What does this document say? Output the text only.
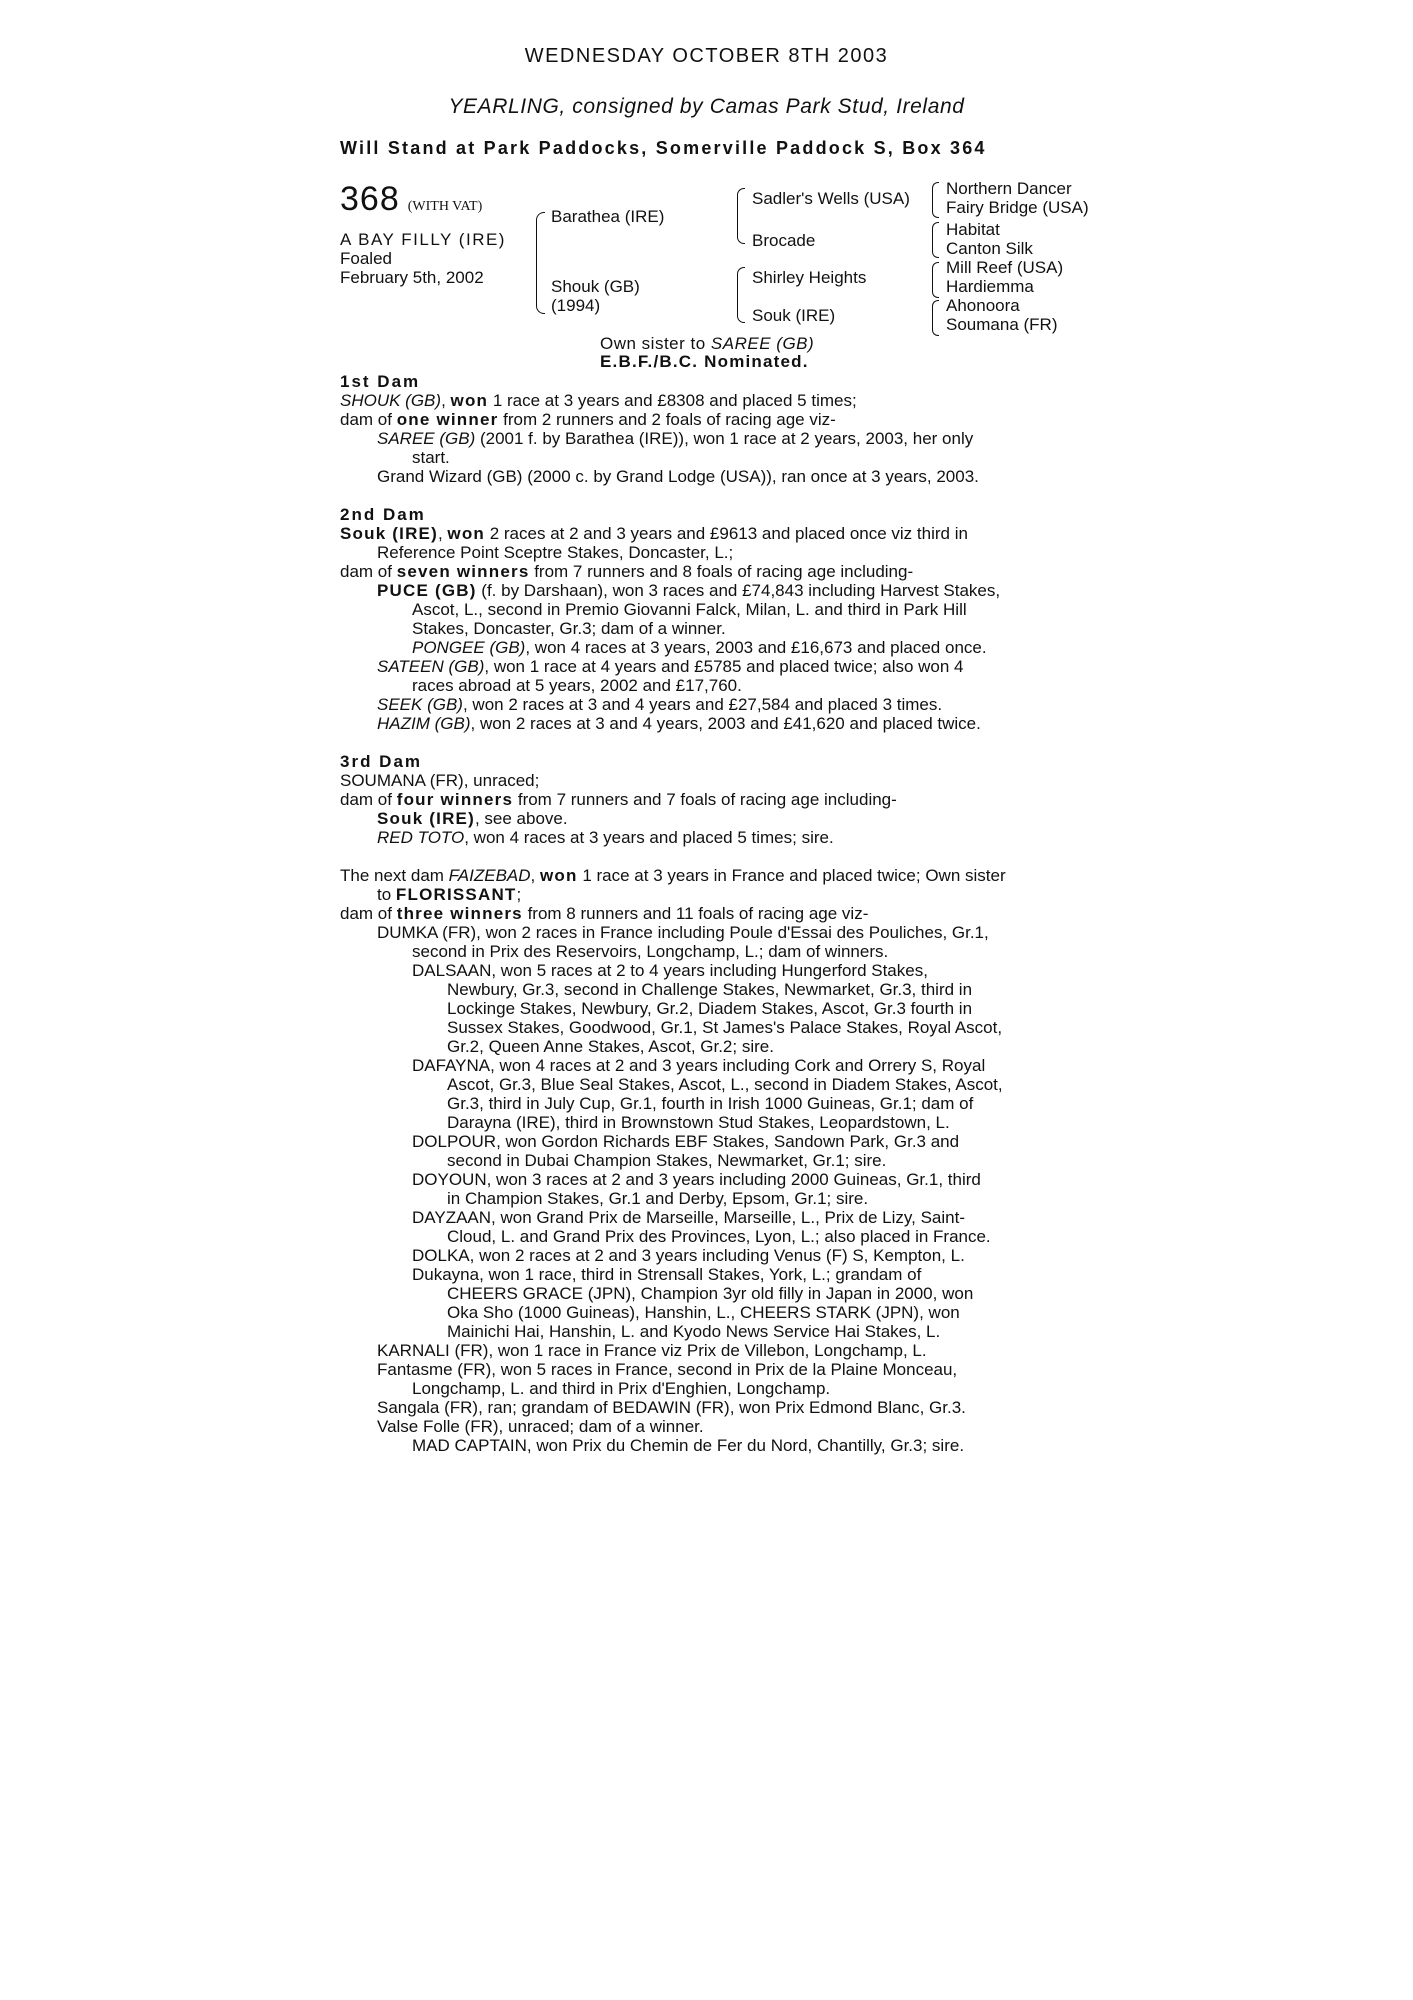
WEDNESDAY OCTOBER 8TH 2003
YEARLING, consigned by Camas Park Stud, Ireland
Will Stand at Park Paddocks, Somerville Paddock S, Box 364
368 (WITH VAT)
A BAY FILLY (IRE)
Foaled
February 5th, 2002
Barathea (IRE)
Shouk (GB)
(1994)
Sadler's Wells (USA)
Brocade
Shirley Heights
Souk (IRE)
Northern Dancer
Fairy Bridge (USA)
Habitat
Canton Silk
Mill Reef (USA)
Hardiemma
Ahonoora
Soumana (FR)
Own sister to SAREE (GB)
E.B.F./B.C. Nominated.
1st Dam
SHOUK (GB), won 1 race at 3 years and £8308 and placed 5 times;
dam of one winner from 2 runners and 2 foals of racing age viz-
SAREE (GB) (2001 f. by Barathea (IRE)), won 1 race at 2 years, 2003, her only
start.
Grand Wizard (GB) (2000 c. by Grand Lodge (USA)), ran once at 3 years, 2003.
2nd Dam
Souk (IRE), won 2 races at 2 and 3 years and £9613 and placed once viz third in
Reference Point Sceptre Stakes, Doncaster, L.;
dam of seven winners from 7 runners and 8 foals of racing age including-
PUCE (GB) (f. by Darshaan), won 3 races and £74,843 including Harvest Stakes,
Ascot, L., second in Premio Giovanni Falck, Milan, L. and third in Park Hill
Stakes, Doncaster, Gr.3; dam of a winner.
PONGEE (GB), won 4 races at 3 years, 2003 and £16,673 and placed once.
SATEEN (GB), won 1 race at 4 years and £5785 and placed twice; also won 4
races abroad at 5 years, 2002 and £17,760.
SEEK (GB), won 2 races at 3 and 4 years and £27,584 and placed 3 times.
HAZIM (GB), won 2 races at 3 and 4 years, 2003 and £41,620 and placed twice.
3rd Dam
SOUMANA (FR), unraced;
dam of four winners from 7 runners and 7 foals of racing age including-
Souk (IRE), see above.
RED TOTO, won 4 races at 3 years and placed 5 times; sire.
The next dam FAIZEBAD, won 1 race at 3 years in France and placed twice; Own sister
to FLORISSANT;
dam of three winners from 8 runners and 11 foals of racing age viz-
DUMKA (FR), won 2 races in France including Poule d'Essai des Pouliches, Gr.1,
second in Prix des Reservoirs, Longchamp, L.; dam of winners.
DALSAAN, won 5 races at 2 to 4 years including Hungerford Stakes,
Newbury, Gr.3, second in Challenge Stakes, Newmarket, Gr.3, third in
Lockinge Stakes, Newbury, Gr.2, Diadem Stakes, Ascot, Gr.3 fourth in
Sussex Stakes, Goodwood, Gr.1, St James's Palace Stakes, Royal Ascot,
Gr.2, Queen Anne Stakes, Ascot, Gr.2; sire.
DAFAYNA, won 4 races at 2 and 3 years including Cork and Orrery S, Royal
Ascot, Gr.3, Blue Seal Stakes, Ascot, L., second in Diadem Stakes, Ascot,
Gr.3, third in July Cup, Gr.1, fourth in Irish 1000 Guineas, Gr.1; dam of
Darayna (IRE), third in Brownstown Stud Stakes, Leopardstown, L.
DOLPOUR, won Gordon Richards EBF Stakes, Sandown Park, Gr.3 and
second in Dubai Champion Stakes, Newmarket, Gr.1; sire.
DOYOUN, won 3 races at 2 and 3 years including 2000 Guineas, Gr.1, third
in Champion Stakes, Gr.1 and Derby, Epsom, Gr.1; sire.
DAYZAAN, won Grand Prix de Marseille, Marseille, L., Prix de Lizy, Saint-
Cloud, L. and Grand Prix des Provinces, Lyon, L.; also placed in France.
DOLKA, won 2 races at 2 and 3 years including Venus (F) S, Kempton, L.
Dukayna, won 1 race, third in Strensall Stakes, York, L.; grandam of
CHEERS GRACE (JPN), Champion 3yr old filly in Japan in 2000, won
Oka Sho (1000 Guineas), Hanshin, L., CHEERS STARK (JPN), won
Mainichi Hai, Hanshin, L. and Kyodo News Service Hai Stakes, L.
KARNALI (FR), won 1 race in France viz Prix de Villebon, Longchamp, L.
Fantasme (FR), won 5 races in France, second in Prix de la Plaine Monceau,
Longchamp, L. and third in Prix d'Enghien, Longchamp.
Sangala (FR), ran; grandam of BEDAWIN (FR), won Prix Edmond Blanc, Gr.3.
Valse Folle (FR), unraced; dam of a winner.
MAD CAPTAIN, won Prix du Chemin de Fer du Nord, Chantilly, Gr.3; sire.
